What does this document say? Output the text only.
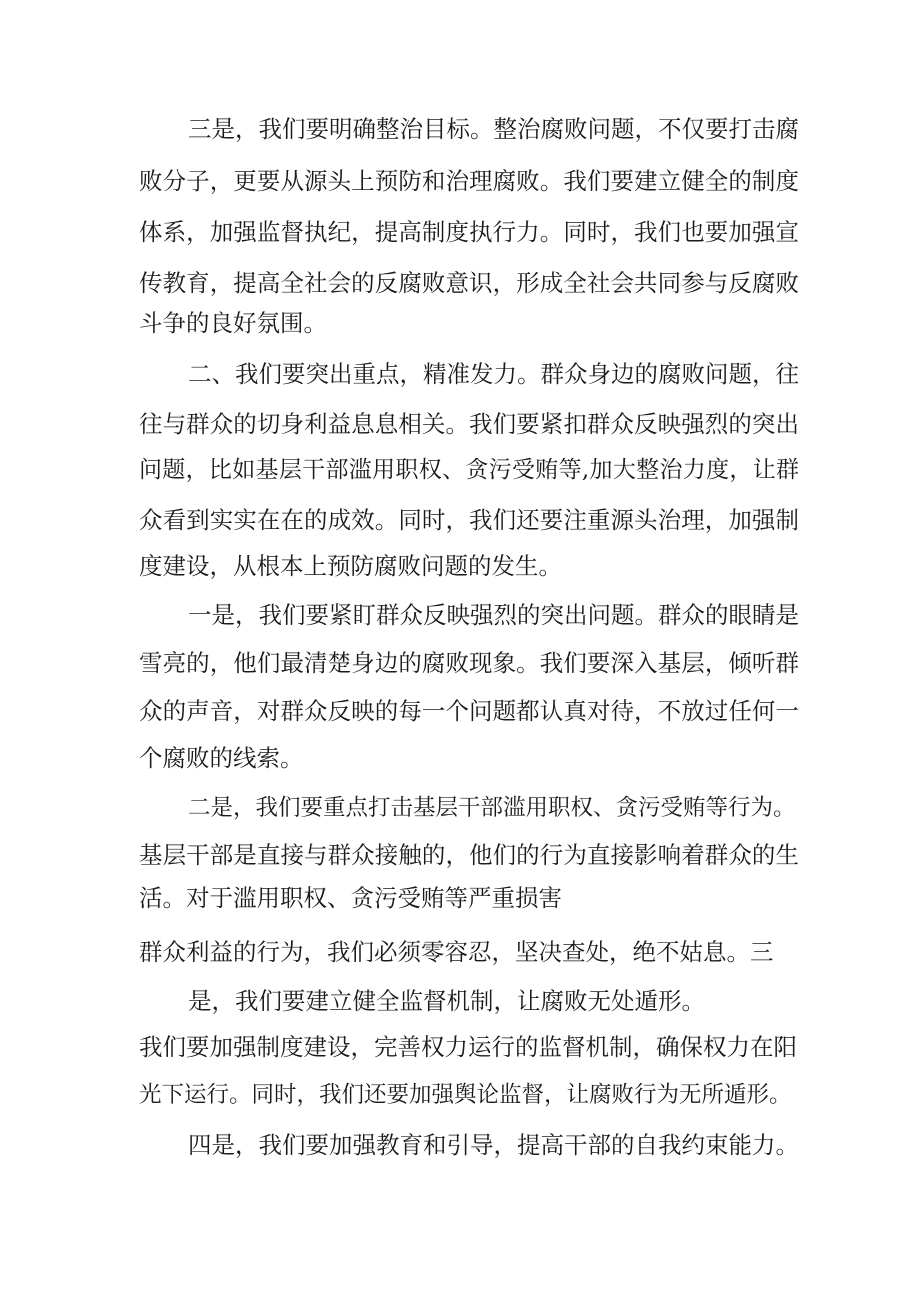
三是，我们要明确整治目标。整治腐败问题，不仅要打击腐
败分子，更要从源头上预防和治理腐败。我们要建立健全的制度
体系，加强监督执纪，提高制度执行力。同时，我们也要加强宣
传教育，提高全社会的反腐败意识，形成全社会共同参与反腐败
斗争的良好氛围。
二、我们要突出重点，精准发力。群众身边的腐败问题，往
往与群众的切身利益息息相关。我们要紧扣群众反映强烈的突出
问题，比如基层干部滥用职权、贪污受贿等,加大整治力度，让群
众看到实实在在的成效。同时，我们还要注重源头治理，加强制
度建设，从根本上预防腐败问题的发生。
一是，我们要紧盯群众反映强烈的突出问题。群众的眼睛是
雪亮的，他们最清楚身边的腐败现象。我们要深入基层，倾听群
众的声音，对群众反映的每一个问题都认真对待，不放过任何一
个腐败的线索。
二是，我们要重点打击基层干部滥用职权、贪污受贿等行为。
基层干部是直接与群众接触的，他们的行为直接影响着群众的生
活。对于滥用职权、贪污受贿等严重损害
群众利益的行为，我们必须零容忍，坚决查处，绝不姑息。三
是，我们要建立健全监督机制，让腐败无处遁形。
我们要加强制度建设，完善权力运行的监督机制，确保权力在阳
光下运行。同时，我们还要加强舆论监督，让腐败行为无所遁形。
四是，我们要加强教育和引导，提高干部的自我约束能力。
